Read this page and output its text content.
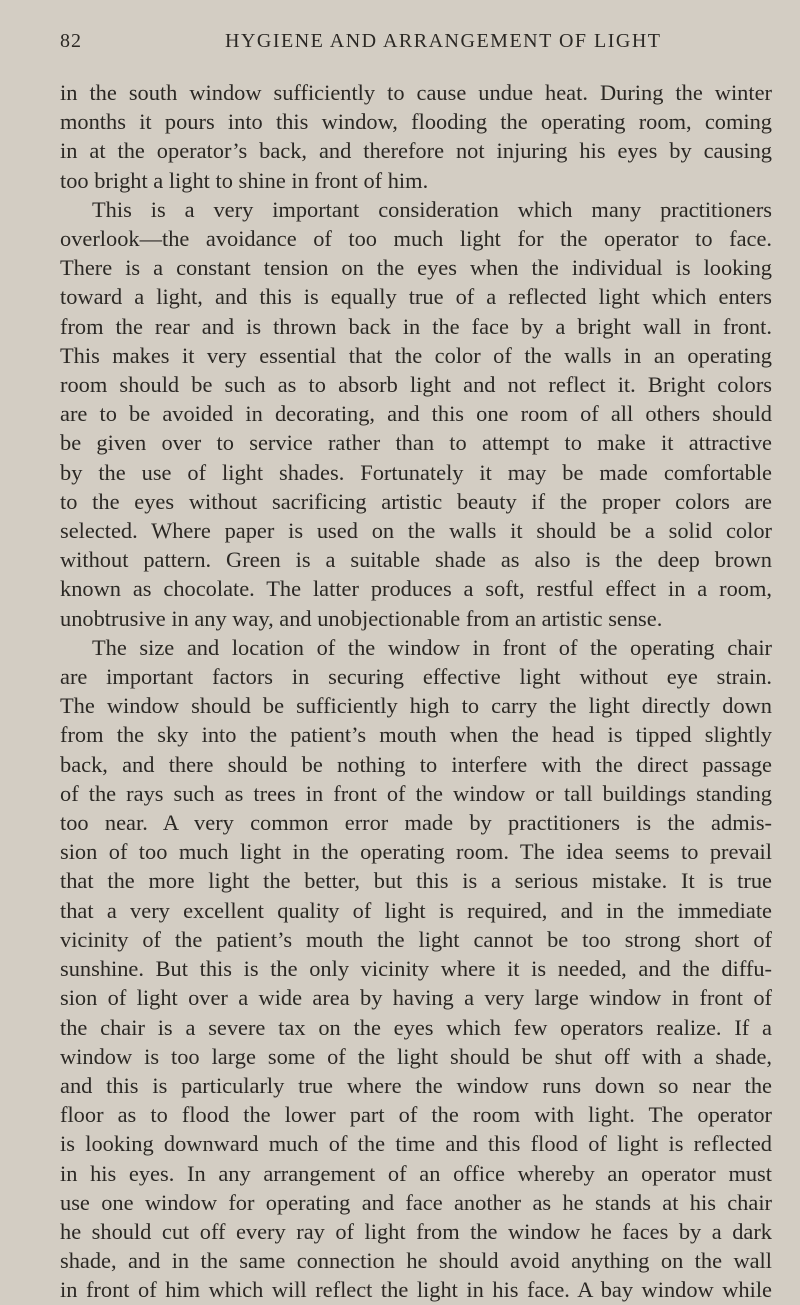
82	HYGIENE AND ARRANGEMENT OF LIGHT
in the south window sufficiently to cause undue heat. During the winter
months it pours into this window, flooding the operating room, coming
in at the operator’s back, and therefore not injuring his eyes by causing
too bright a light to shine in front of him.
This is a very important consideration which many practitioners
overlook—the avoidance of too much light for the operator to face.
There is a constant tension on the eyes when the individual is looking
toward a light, and this is equally true of a reflected light which enters
from the rear and is thrown back in the face by a bright wall in front.
This makes it very essential that the color of the walls in an operating
room should be such as to absorb light and not reflect it. Bright colors
are to be avoided in decorating, and this one room of all others should
be given over to service rather than to attempt to make it attractive
by the use of light shades. Fortunately it may be made comfortable
to the eyes without sacrificing artistic beauty if the proper colors are
selected. Where paper is used on the walls it should be a solid color
without pattern. Green is a suitable shade as also is the deep brown
known as chocolate. The latter produces a soft, restful effect in a room,
unobtrusive in any way, and unobjectionable from an artistic sense.
The size and location of the window in front of the operating chair
are important factors in securing effective light without eye strain.
The window should be sufficiently high to carry the light directly down
from the sky into the patient’s mouth when the head is tipped slightly
back, and there should be nothing to interfere with the direct passage
of the rays such as trees in front of the window or tall buildings standing
too near. A very common error made by practitioners is the admis-
sion of too much light in the operating room. The idea seems to prevail
that the more light the better, but this is a serious mistake. It is true
that a very excellent quality of light is required, and in the immediate
vicinity of the patient’s mouth the light cannot be too strong short of
sunshine. But this is the only vicinity where it is needed, and the diffu-
sion of light over a wide area by having a very large window in front of
the chair is a severe tax on the eyes which few operators realize. If a
window is too large some of the light should be shut off with a shade,
and this is particularly true where the window runs down so near the
floor as to flood the lower part of the room with light. The operator
is looking downward much of the time and this flood of light is reflected
in his eyes. In any arrangement of an office whereby an operator must
use one window for operating and face another as he stands at his chair
he should cut off every ray of light from the window he faces by a dark
shade, and in the same connection he should avoid anything on the wall
in front of him which will reflect the light in his face. A bay window while
